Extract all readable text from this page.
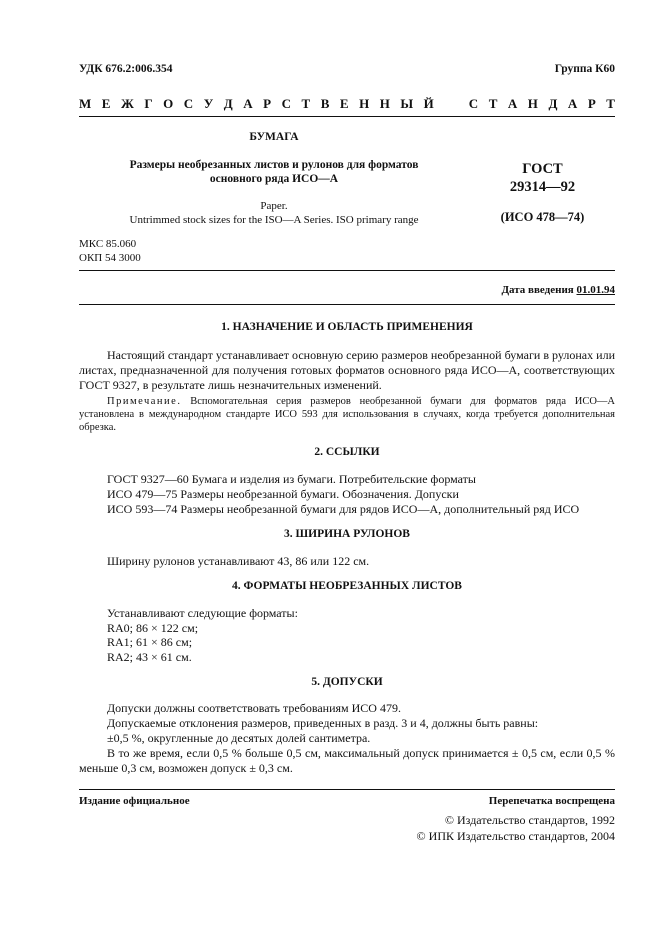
УДК 676.2:006.354	Группа К60
М Е Ж Г О С У Д А Р С Т В Е Н Н Ы Й	С Т А Н Д А Р Т
БУМАГА
Размеры необрезанных листов и рулонов для форматов
основного ряда ИСО—А
Paper.
Untrimmed stock sizes for the ISO—A Series. ISO primary range
ГОСТ
29314—92
(ИСО 478—74)
МКС 85.060
ОКП 54 3000
Дата введения 01.01.94
1. НАЗНАЧЕНИЕ И ОБЛАСТЬ ПРИМЕНЕНИЯ
Настоящий стандарт устанавливает основную серию размеров необрезанной бумаги в рулонах или листах, предназначенной для получения готовых форматов основного ряда ИСО—А, соответствующих ГОСТ 9327, в результате лишь незначительных изменений.
Примечание. Вспомогательная серия размеров необрезанной бумаги для форматов ряда ИСО—А установлена в международном стандарте ИСО 593 для использования в случаях, когда требуется дополнительная обрезка.
2. ССЫЛКИ
ГОСТ 9327—60 Бумага и изделия из бумаги. Потребительские форматы
ИСО 479—75 Размеры необрезанной бумаги. Обозначения. Допуски
ИСО 593—74 Размеры необрезанной бумаги для рядов ИСО—А, дополнительный ряд ИСО
3. ШИРИНА РУЛОНОВ
Ширину рулонов устанавливают 43, 86 или 122 см.
4. ФОРМАТЫ НЕОБРЕЗАННЫХ ЛИСТОВ
Устанавливают следующие форматы:
RA0; 86 × 122 см;
RA1; 61 × 86 см;
RA2; 43 × 61 см.
5. ДОПУСКИ
Допуски должны соответствовать требованиям ИСО 479.
Допускаемые отклонения размеров, приведенных в разд. 3 и 4, должны быть равны:
±0,5 %, округленные до десятых долей сантиметра.
В то же время, если 0,5 % больше 0,5 см, максимальный допуск принимается ± 0,5 см, если 0,5 % меньше 0,3 см, возможен допуск ± 0,3 см.
Издание официальное	Перепечатка воспрещена
© Издательство стандартов, 1992
© ИПК Издательство стандартов, 2004
